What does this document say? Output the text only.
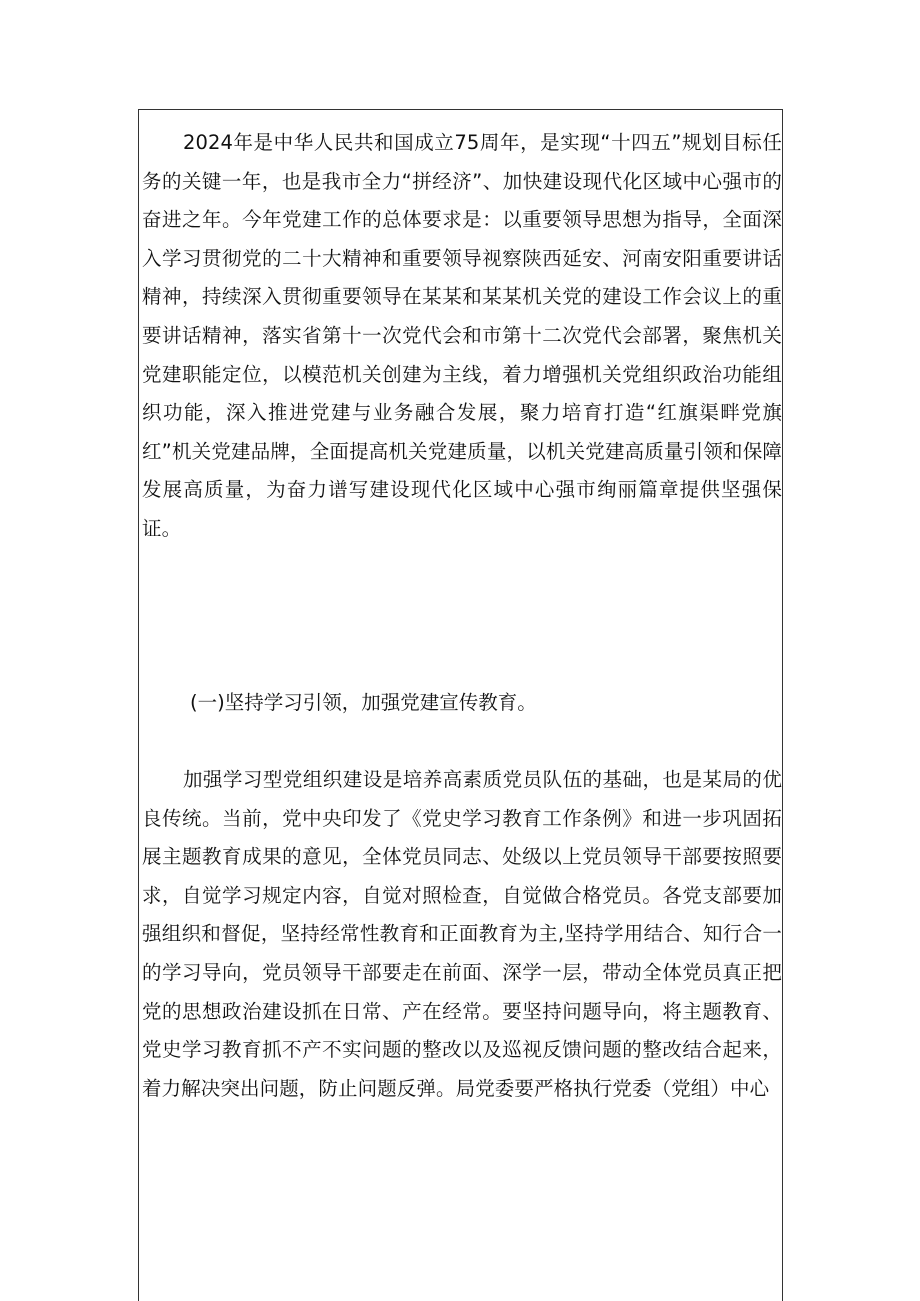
2024年是中华人民共和国成立75周年，是实现“十四五”规划目标任务的关键一年，也是我市全力“拼经济”、加快建设现代化区域中心强市的奋进之年。今年党建工作的总体要求是：以重要领导思想为指导，全面深入学习贯彻党的二十大精神和重要领导视察陕西延安、河南安阳重要讲话精神，持续深入贯彻重要领导在某某和某某机关党的建设工作会议上的重要讲话精神，落实省第十一次党代会和市第十二次党代会部署，聚焦机关党建职能定位，以模范机关创建为主线，着力增强机关党组织政治功能组织功能，深入推进党建与业务融合发展，聚力培育打造“红旗渠畔党旗红”机关党建品牌，全面提高机关党建质量，以机关党建高质量引领和保障发展高质量，为奋力谱写建设现代化区域中心强市绚丽篇章提供坚强保证。

(一)坚持学习引领，加强党建宣传教育。

加强学习型党组织建设是培养高素质党员队伍的基础，也是某局的优良传统。当前，党中央印发了《党史学习教育工作条例》和进一步巩固拓展主题教育成果的意见，全体党员同志、处级以上党员领导干部要按照要求，自觉学习规定内容，自觉对照检查，自觉做合格党员。各党支部要加强组织和督促，坚持经常性教育和正面教育为主,坚持学用结合、知行合一的学习导向，党员领导干部要走在前面、深学一层，带动全体党员真正把党的思想政治建设抓在日常、产在经常。要坚持问题导向，将主题教育、党史学习教育抓不产不实问题的整改以及巡视反馈问题的整改结合起来，着力解决突出问题，防止问题反弹。局党委要严格执行党委（党组）中心
